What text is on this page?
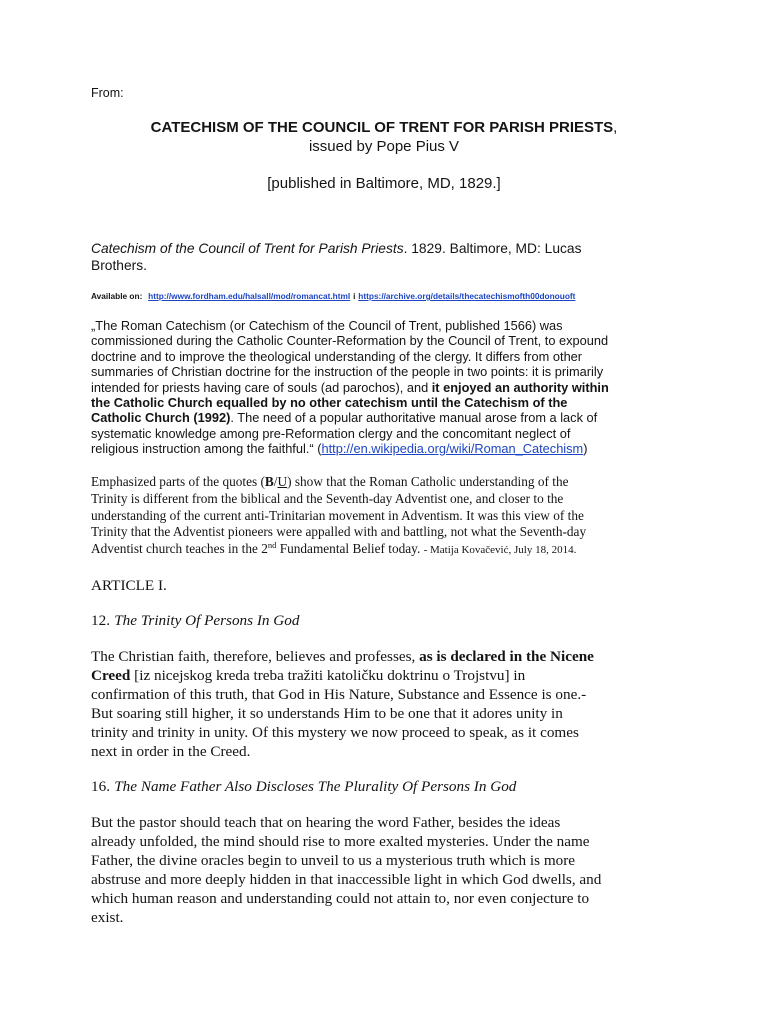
From:
CATECHISM OF THE COUNCIL OF TRENT FOR PARISH PRIESTS,
issued by Pope Pius V
[published in Baltimore, MD, 1829.]
Catechism of the Council of Trent for Parish Priests. 1829. Baltimore, MD: Lucas
Brothers.
Available on: http://www.fordham.edu/halsall/mod/romancat.html i https://archive.org/details/thecatechismofth00donouoft
„The Roman Catechism (or Catechism of the Council of Trent, published 1566) was
commissioned during the Catholic Counter-Reformation by the Council of Trent, to expound
doctrine and to improve the theological understanding of the clergy. It differs from other
summaries of Christian doctrine for the instruction of the people in two points: it is primarily
intended for priests having care of souls (ad parochos), and it enjoyed an authority within
the Catholic Church equalled by no other catechism until the Catechism of the
Catholic Church (1992). The need of a popular authoritative manual arose from a lack of
systematic knowledge among pre-Reformation clergy and the concomitant neglect of
religious instruction among the faithful.“ (http://en.wikipedia.org/wiki/Roman_Catechism)
Emphasized parts of the quotes (B/U) show that the Roman Catholic understanding of the
Trinity is different from the biblical and the Seventh-day Adventist one, and closer to the
understanding of the current anti-Trinitarian movement in Adventism. It was this view of the
Trinity that the Adventist pioneers were appalled with and battling, not what the Seventh-day
Adventist church teaches in the 2nd Fundamental Belief today. - Matija Kovačević, July 18, 2014.
ARTICLE I.
12. The Trinity Of Persons In God
The Christian faith, therefore, believes and professes, as is declared in the Nicene
Creed [iz nicejskog kreda treba tražiti katoličku doktrinu o Trojstvu] in
confirmation of this truth, that God in His Nature, Substance and Essence is one.-
But soaring still higher, it so understands Him to be one that it adores unity in
trinity and trinity in unity. Of this mystery we now proceed to speak, as it comes
next in order in the Creed.
16. The Name Father Also Discloses The Plurality Of Persons In God
But the pastor should teach that on hearing the word Father, besides the ideas
already unfolded, the mind should rise to more exalted mysteries. Under the name
Father, the divine oracles begin to unveil to us a mysterious truth which is more
abstruse and more deeply hidden in that inaccessible light in which God dwells, and
which human reason and understanding could not attain to, nor even conjecture to
exist.
